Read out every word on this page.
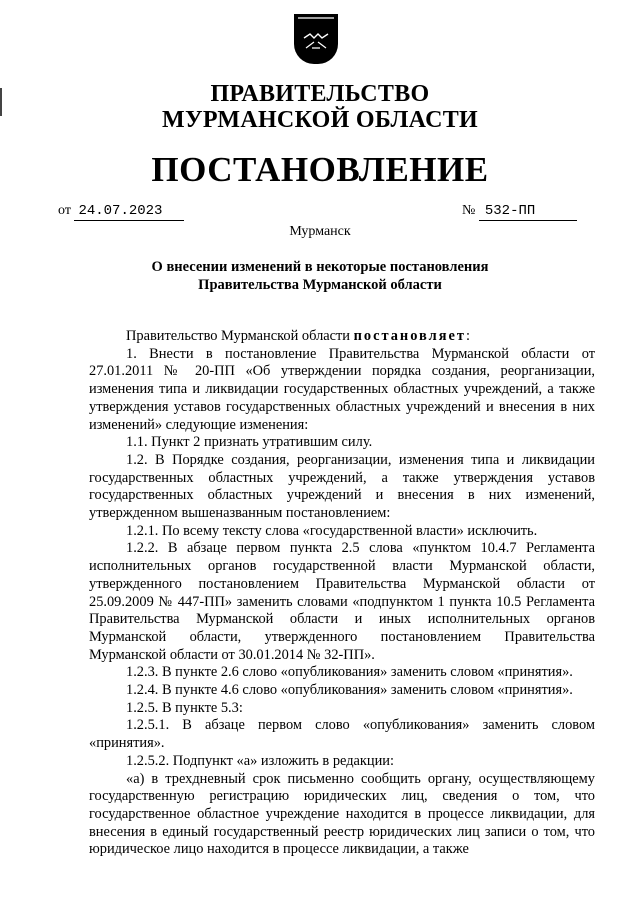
ПРАВИТЕЛЬСТВО
МУРМАНСКОЙ ОБЛАСТИ
ПОСТАНОВЛЕНИЕ
от 24.07.2023	№ 532-ПП
Мурманск
О внесении изменений в некоторые постановления
Правительства Мурманской области

Правительство Мурманской области постановляет:

1. Внести в постановление Правительства Мурманской области от 27.01.2011 № 20-ПП «Об утверждении порядка создания, реорганизации, изменения типа и ликвидации государственных областных учреждений, а также утверждения уставов государственных областных учреждений и внесения в них изменений» следующие изменения:

1.1. Пункт 2 признать утратившим силу.

1.2. В Порядке создания, реорганизации, изменения типа и ликвидации государственных областных учреждений, а также утверждения уставов государственных областных учреждений и внесения в них изменений, утвержденном вышеназванным постановлением:

1.2.1. По всему тексту слова «государственной власти» исключить.

1.2.2. В абзаце первом пункта 2.5 слова «пунктом 10.4.7 Регламента исполнительных органов государственной власти Мурманской области, утвержденного постановлением Правительства Мурманской области от 25.09.2009 № 447-ПП» заменить словами «подпунктом 1 пункта 10.5 Регламента Правительства Мурманской области и иных исполнительных органов Мурманской области, утвержденного постановлением Правительства Мурманской области от 30.01.2014 № 32-ПП».

1.2.3. В пункте 2.6 слово «опубликования» заменить словом «принятия».

1.2.4. В пункте 4.6 слово «опубликования» заменить словом «принятия».

1.2.5. В пункте 5.3:

1.2.5.1. В абзаце первом слово «опубликования» заменить словом «принятия».

1.2.5.2. Подпункт «а» изложить в редакции:

«а) в трехдневный срок письменно сообщить органу, осуществляющему государственную регистрацию юридических лиц, сведения о том, что государственное областное учреждение находится в процессе ликвидации, для внесения в единый государственный реестр юридических лиц записи о том, что юридическое лицо находится в процессе ликвидации, а также
